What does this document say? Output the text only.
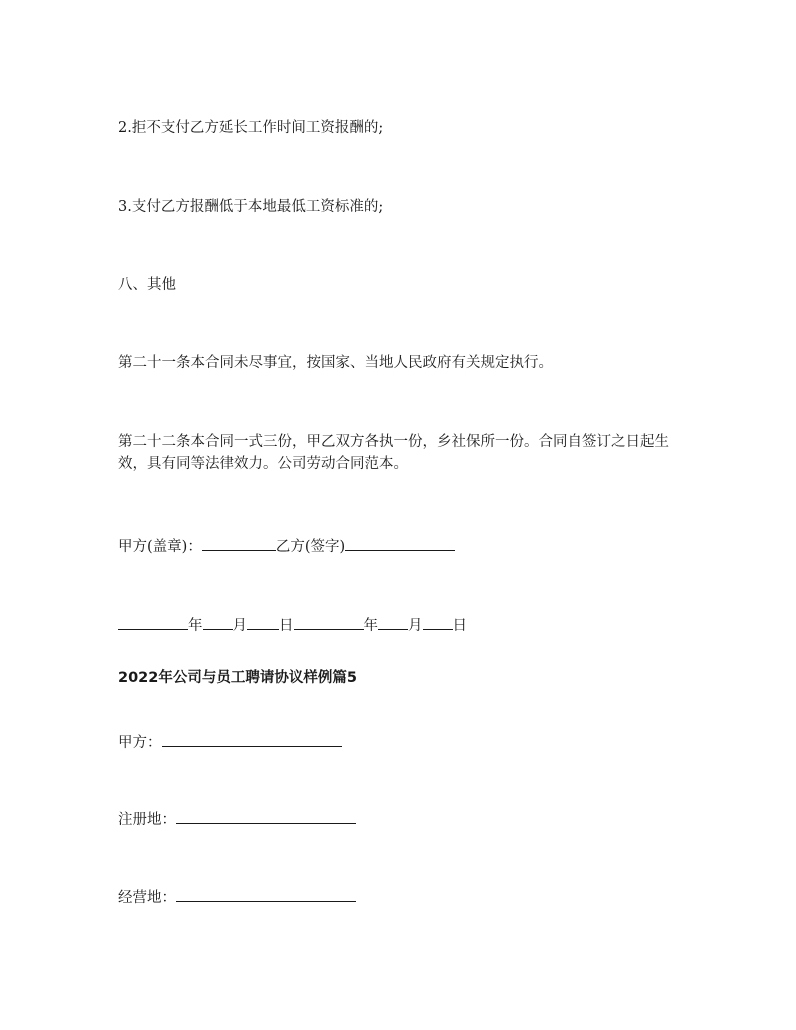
2.拒不支付乙方延长工作时间工资报酬的;
3.支付乙方报酬低于本地最低工资标准的;
八、其他
第二十一条本合同未尽事宜，按国家、当地人民政府有关规定执行。
第二十二条本合同一式三份，甲乙双方各执一份，乡社保所一份。合同自签订之日起生效，具有同等法律效力。公司劳动合同范本。
甲方(盖章)：	乙方(签字)
年 月 日	年 月 日
2022年公司与员工聘请协议样例篇5
甲方：
注册地：
经营地：
